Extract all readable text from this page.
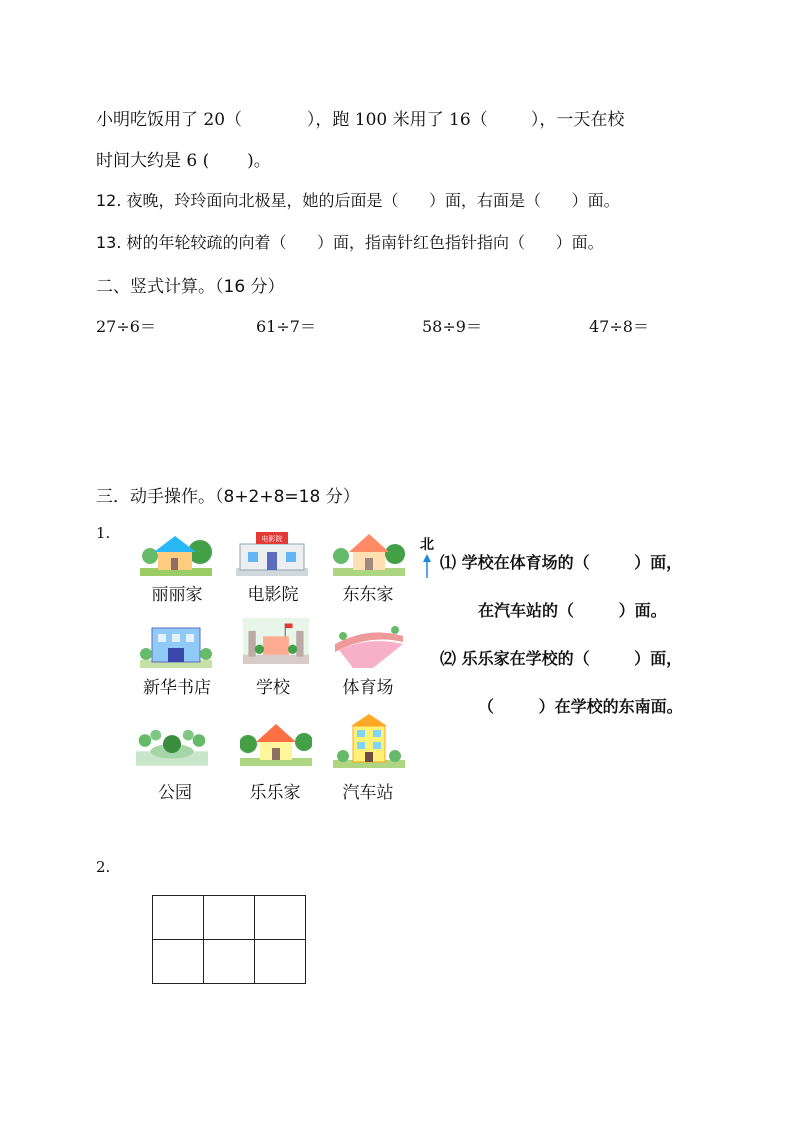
小明吃饭用了 20（            ），跑 100 米用了 16（        ），一天在校
时间大约是 6 (       )。
12. 夜晚，玲玲面向北极星，她的后面是（      ）面，右面是（      ）面。
13. 树的年轮较疏的向着（      ）面，指南针红色指针指向（      ）面。
二、竖式计算。（16 分）
27÷6＝	61÷7＝	58÷9＝	47÷8＝
三．动手操作。（8+2+8=18 分）
1.	电影院
丽丽家	电影院	东东家
新华书店	学校	体育场
公园	乐乐家	汽车站
北
⑴ 学校在体育场的（        ）面，
在汽车站的（        ）面。
⑵ 乐乐家在学校的（        ）面，
（        ）在学校的东南面。
2.
